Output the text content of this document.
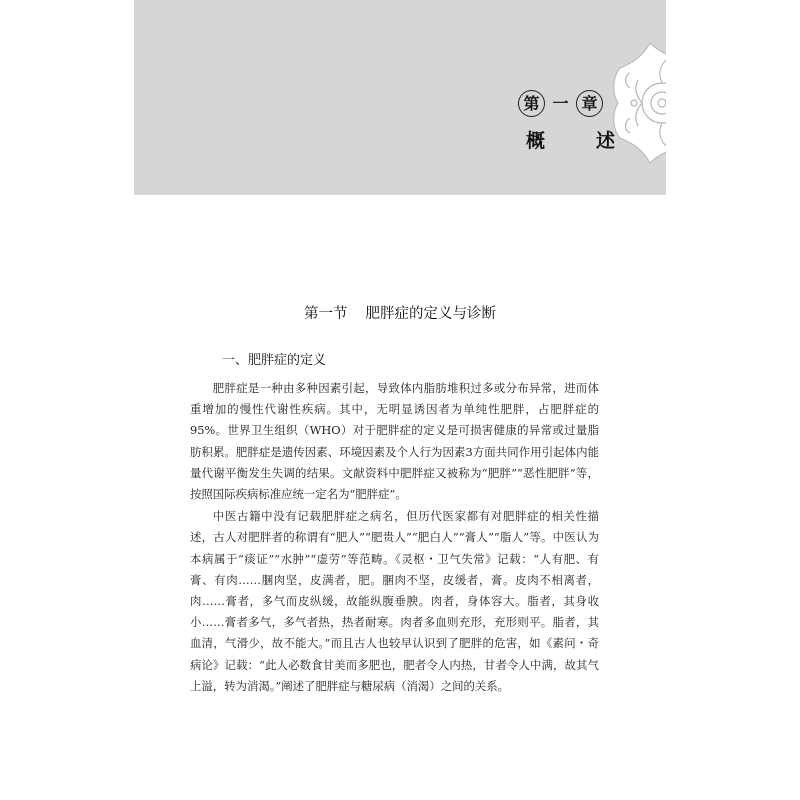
第 一 章
概　述
第一节 肥胖症的定义与诊断
一、肥胖症的定义

肥胖症是一种由多种因素引起，导致体内脂肪堆积过多或分布异常，进而体重增加的慢性代谢性疾病。其中，无明显诱因者为单纯性肥胖，占肥胖症的95%。世界卫生组织（WHO）对于肥胖症的定义是可损害健康的异常或过量脂肪积累。肥胖症是遗传因素、环境因素及个人行为因素3方面共同作用引起体内能量代谢平衡发生失调的结果。文献资料中肥胖症又被称为“肥胖”“恶性肥胖”等，按照国际疾病标准应统一定名为“肥胖症”。

中医古籍中没有记载肥胖症之病名，但历代医家都有对肥胖症的相关性描述，古人对肥胖者的称谓有“肥人”“肥贵人”“肥白人”“膏人”“脂人”等。中医认为本病属于“痰证”“水肿”“虚劳”等范畴。《灵枢・卫气失常》记载：“人有肥、有膏、有肉……䐃肉坚，皮满者，肥。䐃肉不坚，皮缓者，膏。皮肉不相离者，肉……膏者，多气而皮纵缓，故能纵腹垂腴。肉者，身体容大。脂者，其身收小……膏者多气，多气者热，热者耐寒。肉者多血则充形，充形则平。脂者，其血清，气滑少，故不能大。”而且古人也较早认识到了肥胖的危害，如《素问・奇病论》记载：“此人必数食甘美而多肥也，肥者令人内热，甘者令人中满，故其气上溢，转为消渴。”阐述了肥胖症与糖尿病（消渴）之间的关系。
